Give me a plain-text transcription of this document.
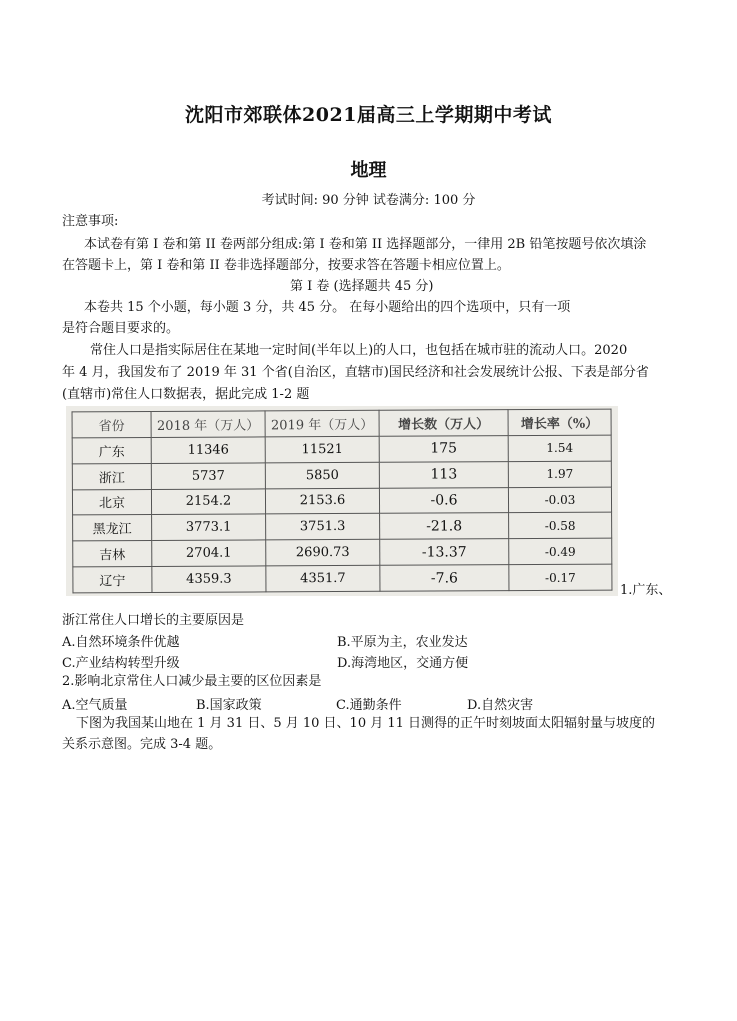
沈阳市郊联体2021届高三上学期期中考试
地理
考试时间: 90 分钟 试卷满分: 100 分
注意事项:
本试卷有第 I 卷和第 II 卷两部分组成:第 I 卷和第 II 选择题部分，一律用 2B 铅笔按题号依次填涂
在答题卡上，第 I 卷和第 II 卷非选择题部分，按要求答在答题卡相应位置上。
第 I 卷 (选择题共 45 分)
本卷共 15 个小题，每小题 3 分，共 45 分。 在每小题给出的四个选项中，只有一项
是符合题目要求的。
常住人口是指实际居住在某地一定时间(半年以上)的人口，也包括在城市驻的流动人口。2020
年 4 月，我国发布了 2019 年 31 个省(自治区，直辖市)国民经济和社会发展统计公报、下表是部分省
(直辖市)常住人口数据表，据此完成 1-2 题
省份	2018 年（万人）	2019 年（万人）	增长数（万人）	增长率（%）
广东	11346	11521	175	1.54
浙江	5737	5850	113	1.97
北京	2154.2	2153.6	-0.6	-0.03
黑龙江	3773.1	3751.3	-21.8	-0.58
吉林	2704.1	2690.73	-13.37	-0.49
辽宁	4359.3	4351.7	-7.6	-0.17
1.广东、
浙江常住人口增长的主要原因是
A.自然环境条件优越	B.平原为主，农业发达
C.产业结构转型升级	D.海湾地区，交通方便
2.影响北京常住人口减少最主要的区位因素是
A.空气质量	B.国家政策	C.通勤条件	D.自然灾害
下图为我国某山地在 1 月 31 日、5 月 10 日、10 月 11 日测得的正午时刻坡面太阳辐射量与坡度的
关系示意图。完成 3-4 题。
